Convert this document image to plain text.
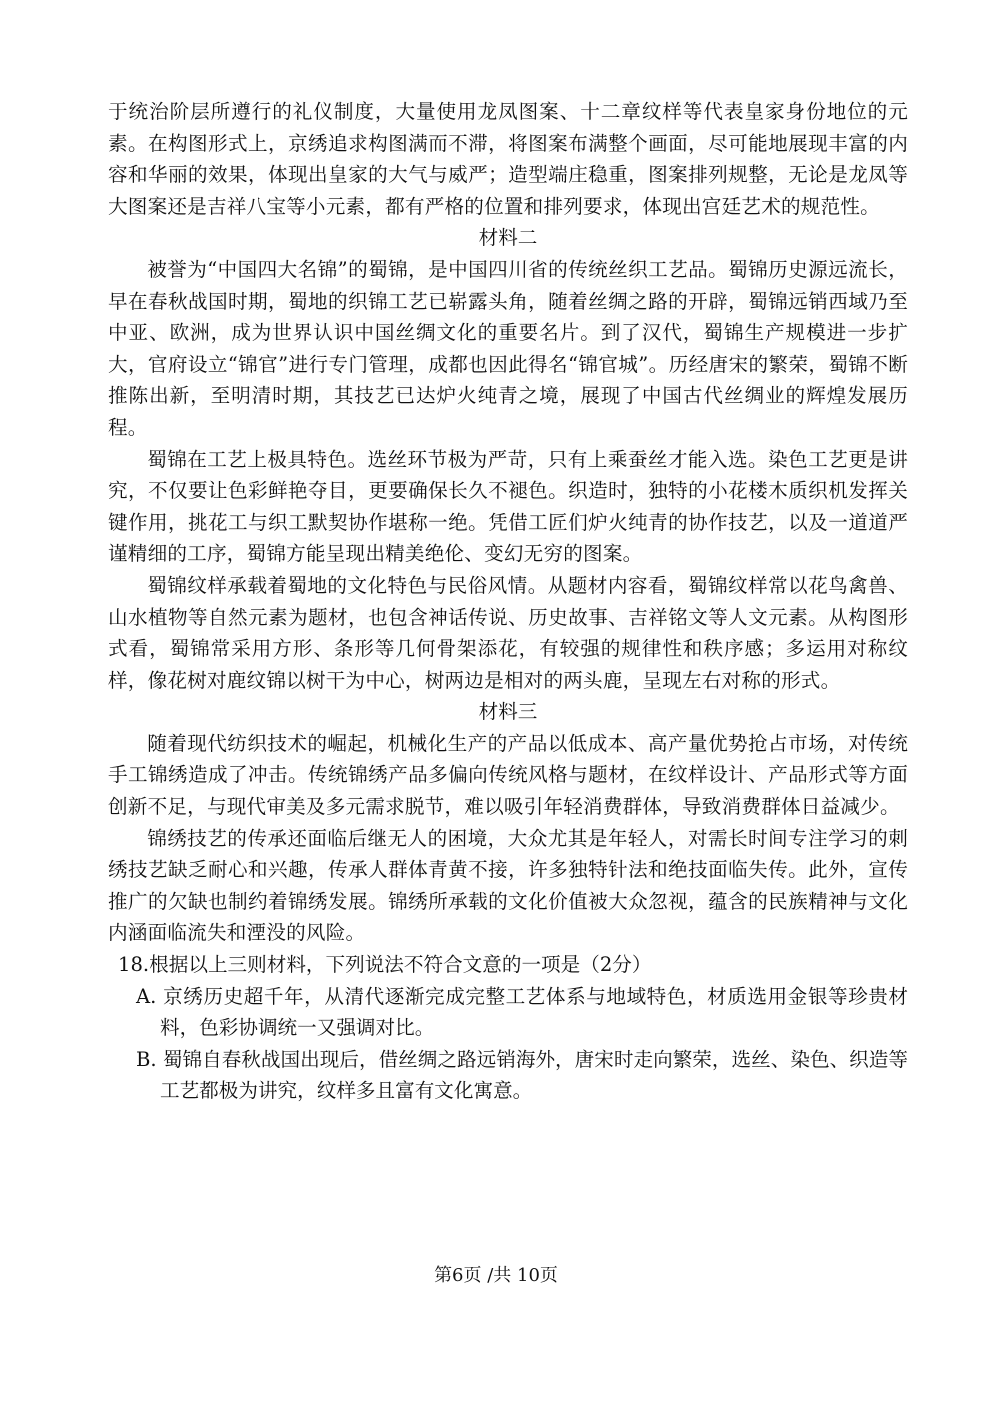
于统治阶层所遵行的礼仪制度，大量使用龙凤图案、十二章纹样等代表皇家身份地位的元素。在构图形式上，京绣追求构图满而不滞，将图案布满整个画面，尽可能地展现丰富的内容和华丽的效果，体现出皇家的大气与威严；造型端庄稳重，图案排列规整，无论是龙凤等大图案还是吉祥八宝等小元素，都有严格的位置和排列要求，体现出宫廷艺术的规范性。

材料二

被誉为“中国四大名锦”的蜀锦，是中国四川省的传统丝织工艺品。蜀锦历史源远流长，早在春秋战国时期，蜀地的织锦工艺已崭露头角，随着丝绸之路的开辟，蜀锦远销西域乃至中亚、欧洲，成为世界认识中国丝绸文化的重要名片。到了汉代，蜀锦生产规模进一步扩大，官府设立“锦官”进行专门管理，成都也因此得名“锦官城”。历经唐宋的繁荣，蜀锦不断推陈出新，至明清时期，其技艺已达炉火纯青之境，展现了中国古代丝绸业的辉煌发展历程。

蜀锦在工艺上极具特色。选丝环节极为严苛，只有上乘蚕丝才能入选。染色工艺更是讲究，不仅要让色彩鲜艳夺目，更要确保长久不褪色。织造时，独特的小花楼木质织机发挥关键作用，挑花工与织工默契协作堪称一绝。凭借工匠们炉火纯青的协作技艺，以及一道道严谨精细的工序，蜀锦方能呈现出精美绝伦、变幻无穷的图案。

蜀锦纹样承载着蜀地的文化特色与民俗风情。从题材内容看，蜀锦纹样常以花鸟禽兽、山水植物等自然元素为题材，也包含神话传说、历史故事、吉祥铭文等人文元素。从构图形式看，蜀锦常采用方形、条形等几何骨架添花，有较强的规律性和秩序感；多运用对称纹样，像花树对鹿纹锦以树干为中心，树两边是相对的两头鹿，呈现左右对称的形式。

材料三

随着现代纺织技术的崛起，机械化生产的产品以低成本、高产量优势抢占市场，对传统手工锦绣造成了冲击。传统锦绣产品多偏向传统风格与题材，在纹样设计、产品形式等方面创新不足，与现代审美及多元需求脱节，难以吸引年轻消费群体，导致消费群体日益减少。

锦绣技艺的传承还面临后继无人的困境，大众尤其是年轻人，对需长时间专注学习的刺绣技艺缺乏耐心和兴趣，传承人群体青黄不接，许多独特针法和绝技面临失传。此外，宣传推广的欠缺也制约着锦绣发展。锦绣所承载的文化价值被大众忽视，蕴含的民族精神与文化内涵面临流失和湮没的风险。

18.根据以上三则材料，下列说法不符合文意的一项是（2分）

A. 京绣历史超千年，从清代逐渐完成完整工艺体系与地域特色，材质选用金银等珍贵材料，色彩协调统一又强调对比。

B. 蜀锦自春秋战国出现后，借丝绸之路远销海外，唐宋时走向繁荣，选丝、染色、织造等工艺都极为讲究，纹样多且富有文化寓意。

第6页 /共 10页
